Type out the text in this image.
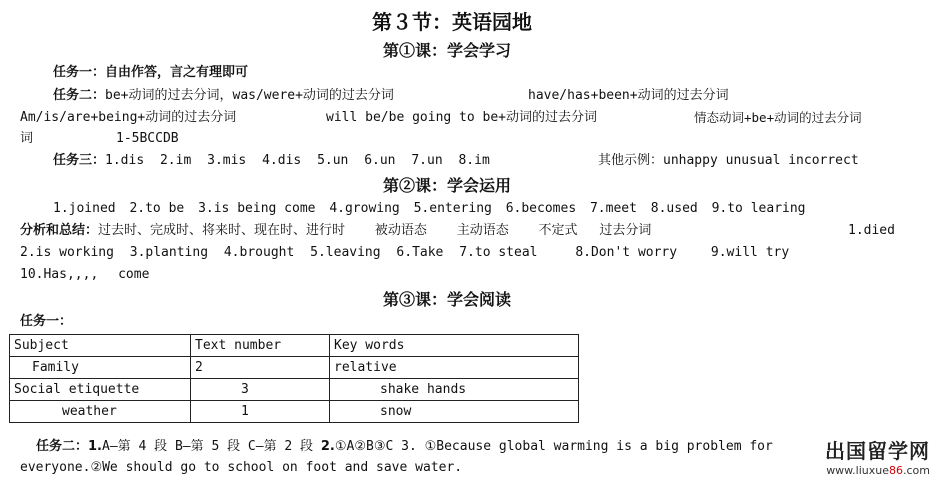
第３节：英语园地
第①课：学会学习
任务一：自由作答，言之有理即可
任务二：be+动词的过去分词，was/were+动词的过去分词	have/has+been+动词的过去分词
Am/is/are+being+动词的过去分词	will be/be going to be+动词的过去分词	情态动词+be+动词的过去分词
词	1-5BCCDB
任务三：1.dis 2.im 3.mis 4.dis 5.un 6.un 7.un 8.im	其他示例：unhappy unusual incorrect
第②课：学会运用
1.joined 2.to be 3.is being come 4.growing 5.entering 6.becomes 7.meet 8.used 9.to learing
分析和总结：过去时、完成时、将来时、现在时、进行时 被动语态 主动语态 不定式 过去分词	1.died
2.is working 3.planting 4.brought 5.leaving 6.Take 7.to steal	8.Don't worry	9.will try
10.Has,,,, come
第③课：学会阅读
任务一：
Subject	Text number	Key words
Family	2	relative
Social etiquette	3	shake hands
weather	1	snow
任务二：1.A—第 4 段 B—第 5 段 C—第 2 段 2.①A②B③C 3. ①Because global warming is a big problem for
everyone.②We should go to school on foot and save water.
出国留学网
www.liuxue86.com
